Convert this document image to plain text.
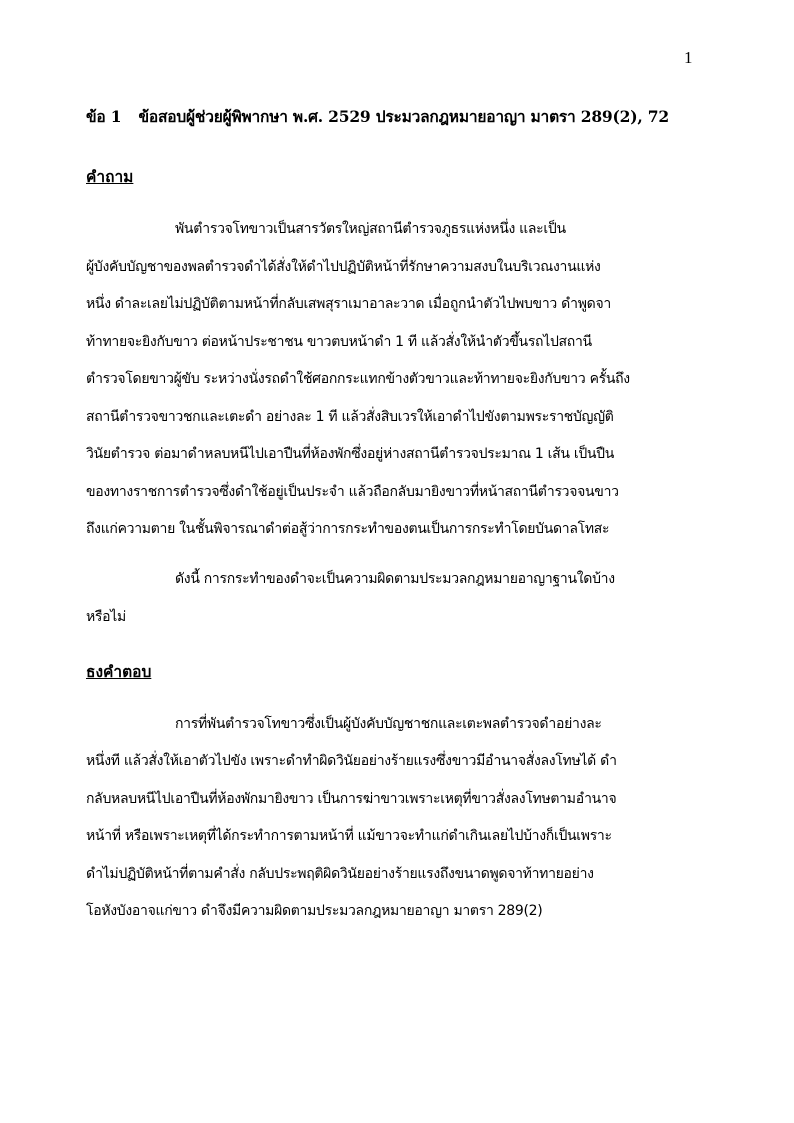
1
ข้อ 1 ข้อสอบผู้ช่วยผู้พิพากษา พ.ศ. 2529 ประมวลกฎหมายอาญา มาตรา 289(2), 72
คำถาม
พันตำรวจโทขาวเป็นสารวัตรใหญ่สถานีตำรวจภูธรแห่งหนึ่ง และเป็น
ผู้บังคับบัญชาของพลตำรวจดำได้สั่งให้ดำไปปฏิบัติหน้าที่รักษาความสงบในบริเวณงานแห่ง
หนึ่ง ดำละเลยไม่ปฏิบัติตามหน้าที่กลับเสพสุราเมาอาละวาด เมื่อถูกนำตัวไปพบขาว ดำพูดจา
ท้าทายจะยิงกับขาว ต่อหน้าประชาชน ขาวตบหน้าดำ 1 ที แล้วสั่งให้นำตัวขึ้นรถไปสถานี
ตำรวจโดยขาวผู้ขับ ระหว่างนั่งรถดำใช้ศอกกระแทกข้างตัวขาวและท้าทายจะยิงกับขาว ครั้นถึง
สถานีตำรวจขาวชกและเตะดำ อย่างละ 1 ที แล้วสั่งสิบเวรให้เอาดำไปขังตามพระราชบัญญัติ
วินัยตำรวจ ต่อมาดำหลบหนีไปเอาปืนที่ห้องพักซึ่งอยู่ห่างสถานีตำรวจประมาณ 1 เส้น เป็นปืน
ของทางราชการตำรวจซึ่งดำใช้อยู่เป็นประจำ แล้วถือกลับมายิงขาวที่หน้าสถานีตำรวจจนขาว
ถึงแก่ความตาย ในชั้นพิจารณาดำต่อสู้ว่าการกระทำของตนเป็นการกระทำโดยบันดาลโทสะ
ดังนี้ การกระทำของดำจะเป็นความผิดตามประมวลกฎหมายอาญาฐานใดบ้าง
หรือไม่
ธงคำตอบ
การที่พันตำรวจโทขาวซึ่งเป็นผู้บังคับบัญชาชกและเตะพลตำรวจดำอย่างละ
หนึ่งที แล้วสั่งให้เอาตัวไปขัง เพราะดำทำผิดวินัยอย่างร้ายแรงซึ่งขาวมีอำนาจสั่งลงโทษได้ ดำ
กลับหลบหนีไปเอาปืนที่ห้องพักมายิงขาว เป็นการฆ่าขาวเพราะเหตุที่ขาวสั่งลงโทษตามอำนาจ
หน้าที่ หรือเพราะเหตุที่ได้กระทำการตามหน้าที่ แม้ขาวจะทำแก่ดำเกินเลยไปบ้างก็เป็นเพราะ
ดำไม่ปฏิบัติหน้าที่ตามคำสั่ง กลับประพฤติผิดวินัยอย่างร้ายแรงถึงขนาดพูดจาท้าทายอย่าง
โอหังบังอาจแก่ขาว ดำจึงมีความผิดตามประมวลกฎหมายอาญา มาตรา 289(2)
